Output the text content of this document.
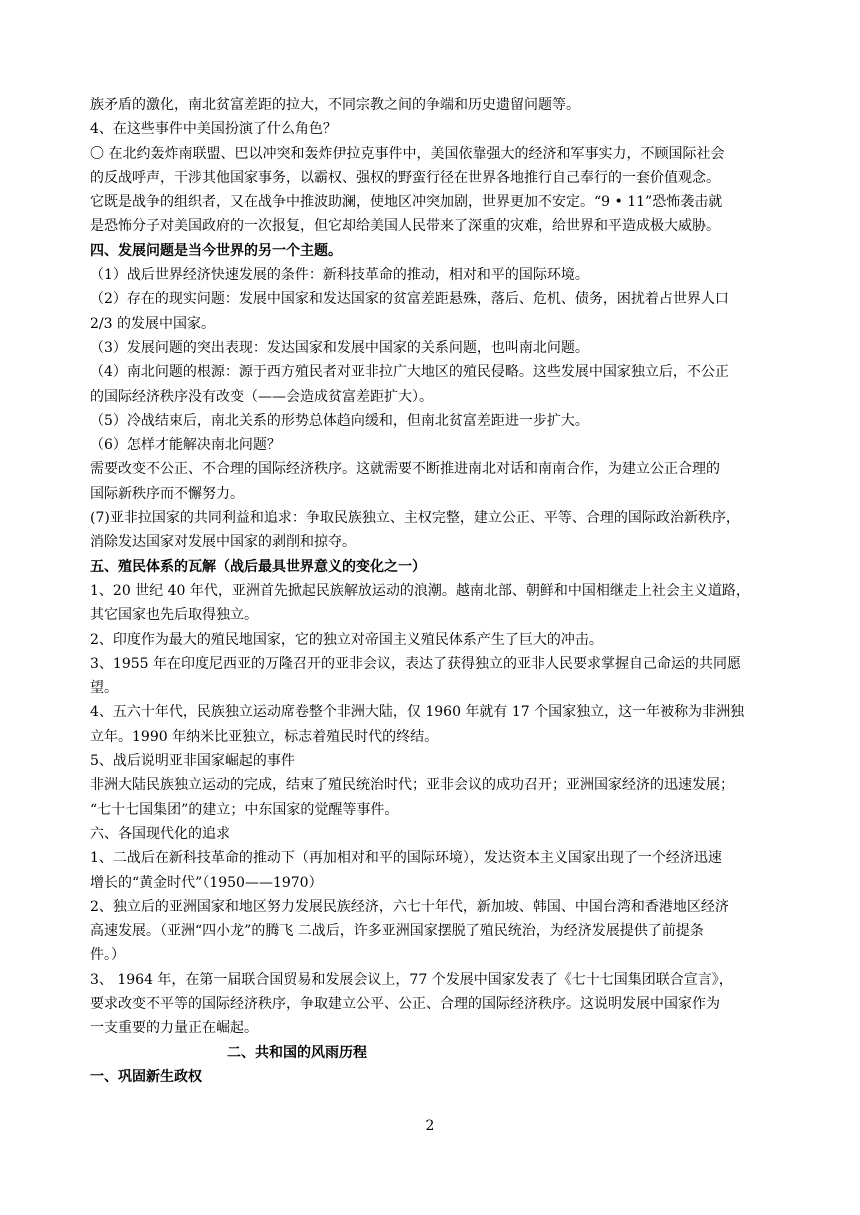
族矛盾的激化，南北贫富差距的拉大，不同宗教之间的争端和历史遗留问题等。
4、在这些事件中美国扮演了什么角色？
〇 在北约轰炸南联盟、巴以冲突和轰炸伊拉克事件中，美国依靠强大的经济和军事实力，不顾国际社会
的反战呼声，干涉其他国家事务，以霸权、强权的野蛮行径在世界各地推行自己奉行的一套价值观念。
它既是战争的组织者，又在战争中推波助澜，使地区冲突加剧，世界更加不安定。“9 • 11”恐怖袭击就
是恐怖分子对美国政府的一次报复，但它却给美国人民带来了深重的灾难，给世界和平造成极大威胁。
四、发展问题是当今世界的另一个主题。
（1）战后世界经济快速发展的条件：新科技革命的推动，相对和平的国际环境。
（2）存在的现实问题：发展中国家和发达国家的贫富差距悬殊，落后、危机、债务，困扰着占世界人口
2/3 的发展中国家。
（3）发展问题的突出表现：发达国家和发展中国家的关系问题，也叫南北问题。
（4）南北问题的根源：源于西方殖民者对亚非拉广大地区的殖民侵略。这些发展中国家独立后，不公正
的国际经济秩序没有改变（——会造成贫富差距扩大）。
（5）冷战结束后，南北关系的形势总体趋向缓和，但南北贫富差距进一步扩大。
（6）怎样才能解决南北问题？
需要改变不公正、不合理的国际经济秩序。这就需要不断推进南北对话和南南合作，为建立公正合理的
国际新秩序而不懈努力。
(7)亚非拉国家的共同利益和追求：争取民族独立、主权完整，建立公正、平等、合理的国际政治新秩序，
消除发达国家对发展中国家的剥削和掠夺。
五、殖民体系的瓦解（战后最具世界意义的变化之一）
1、20 世纪 40 年代，亚洲首先掀起民族解放运动的浪潮。越南北部、朝鲜和中国相继走上社会主义道路，
其它国家也先后取得独立。
2、印度作为最大的殖民地国家，它的独立对帝国主义殖民体系产生了巨大的冲击。
3、1955 年在印度尼西亚的万隆召开的亚非会议，表达了获得独立的亚非人民要求掌握自己命运的共同愿
望。
4、五六十年代，民族独立运动席卷整个非洲大陆，仅 1960 年就有 17 个国家独立，这一年被称为非洲独
立年。1990 年纳米比亚独立，标志着殖民时代的终结。
5、战后说明亚非国家崛起的事件
非洲大陆民族独立运动的完成，结束了殖民统治时代；亚非会议的成功召开；亚洲国家经济的迅速发展；
“七十七国集团”的建立；中东国家的觉醒等事件。
六、各国现代化的追求
1、二战后在新科技革命的推动下（再加相对和平的国际环境），发达资本主义国家出现了一个经济迅速
增长的“黄金时代”（1950——1970）
2、独立后的亚洲国家和地区努力发展民族经济，六七十年代，新加坡、韩国、中国台湾和香港地区经济
高速发展。（亚洲“四小龙”的腾飞 二战后，许多亚洲国家摆脱了殖民统治，为经济发展提供了前提条
件。）
3、 1964 年，在第一届联合国贸易和发展会议上，77 个发展中国家发表了《七十七国集团联合宣言》，
要求改变不平等的国际经济秩序，争取建立公平、公正、合理的国际经济秩序。这说明发展中国家作为
一支重要的力量正在崛起。
二、共和国的风雨历程
一、巩固新生政权
2
